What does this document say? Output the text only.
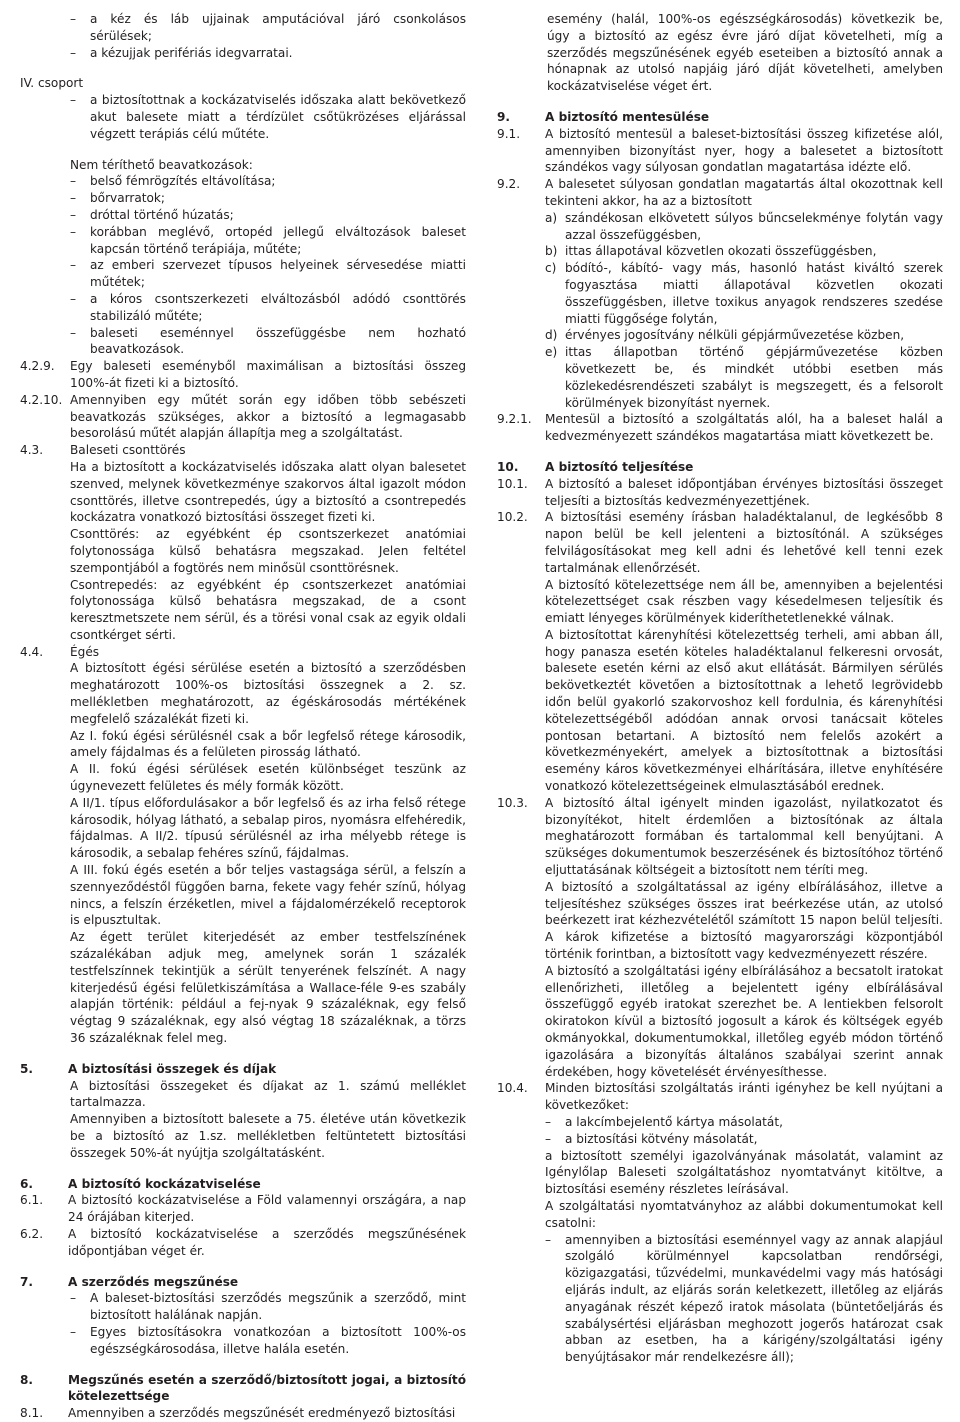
–	a kéz és láb ujjainak amputációval járó csonkolásos sérülések;
–	a kézujjak perifériás idegvarratai.

IV. csoport

–	a biztosítottnak a kockázatviselés időszaka alatt bekövetkező akut balesete miatt a térdízület csőtükrözéses eljárással végzett terápiás célú műtéte.

Nem téríthető beavatkozások:

–	belső fémrögzítés eltávolítása;
–	bőrvarratok;
–	dróttal történő húzatás;
–	korábban meglévő, ortopéd jellegű elváltozások baleset kapcsán történő terápiája, műtéte;
–	az emberi szervezet típusos helyeinek sérvesedése miatti műtétek;
–	a kóros csontszerkezeti elváltozásból adódó csonttörés stabilizáló műtéte;
–	baleseti eseménnyel összefüggésbe nem hozható beavatkozások.
4.2.9.	Egy baleseti eseményből maximálisan a biztosítási összeg 100%-át fizeti ki a biztosító.
4.2.10. Amennyiben egy műtét során egy időben több sebészeti beavatkozás szükséges, akkor a biztosító a legmagasabb besorolású műtét alapján állapítja meg a szolgáltatást.
4.3.	Baleseti csonttörés

Ha a biztosított a kockázatviselés időszaka alatt olyan balesetet szenved, melynek következménye szakorvos által igazolt módon csonttörés, illetve csontrepedés, úgy a biztosító a csontrepedés kockázatra vonatkozó biztosítási összeget fizeti ki.

Csonttörés: az egyébként ép csontszerkezet anatómiai folytonossága külső behatásra megszakad. Jelen feltétel szempontjából a fogtörés nem minősül csonttörésnek.

Csontrepedés: az egyébként ép csontszerkezet anatómiai folytonossága külső behatásra megszakad, de a csont keresztmetszete nem sérül, és a törési vonal csak az egyik oldali csontkérget sérti.

4.4.	Égés

A biztosított égési sérülése esetén a biztosító a szerződésben meghatározott 100%-os biztosítási összegnek a 2. sz. mellékletben meghatározott, az égéskárosodás mértékének megfelelő százalékát fizeti ki.

Az I. fokú égési sérülésnél csak a bőr legfelső rétege károsodik, amely fájdalmas és a felületen pirosság látható.

A II. fokú égési sérülések esetén különbséget teszünk az úgynevezett felületes és mély formák között.

A II/1. típus előfordulásakor a bőr legfelső és az irha felső rétege károsodik, hólyag látható, a sebalap piros, nyomásra elfehéredik, fájdalmas. A II/2. típusú sérülésnél az irha mélyebb rétege is károsodik, a sebalap fehéres színű, fájdalmas.

A III. fokú égés esetén a bőr teljes vastagsága sérül, a felszín a szennyeződéstől függően barna, fekete vagy fehér színű, hólyag nincs, a felszín érzéketlen, mivel a fájdalomérzékelő receptorok is elpusztultak.

Az égett terület kiterjedését az ember testfelszínének százalékában adjuk meg, amelynek során 1 százalék testfelszínnek tekintjük a sérült tenyerének felszínét. A nagy kiterjedésű égési felületkiszámítása a Wallace-féle 9-es szabály alapján történik: például a fej-nyak 9 százaléknak, egy felső végtag 9 százaléknak, egy alsó végtag 18 százaléknak, a törzs 36 százaléknak felel meg.

5.	A biztosítási összegek és díjak

A biztosítási összegeket és díjakat az 1. számú melléklet tartalmazza.

Amennyiben a biztosított balesete a 75. életéve után következik be a biztosító az 1.sz. mellékletben feltüntetett biztosítási összegek 50%-át nyújtja szolgáltatásként.

6.	A biztosító kockázatviselése
6.1.	A biztosító kockázatviselése a Föld valamennyi országára, a nap 24 órájában kiterjed.
6.2.	A biztosító kockázatviselése a szerződés megszűnésének időpontjában véget ér.
7.	A szerződés megszűnése
–	A baleset-biztosítási szerződés megszűnik a szerződő, mint biztosított halálának napján.
–	Egyes biztosításokra vonatkozóan a biztosított 100%-os egészségkárosodása, illetve halála esetén.
8.	Megszűnés esetén a szerződő/biztosított jogai, a biztosító kötelezettsége
8.1.	Amennyiben a szerződés megszűnését eredményező biztosítási

esemény (halál, 100%-os egészségkárosodás) következik be, úgy a biztosító az egész évre járó díjat követelheti, míg a szerződés megszűnésének egyéb eseteiben a biztosító annak a hónapnak az utolsó napjáig járó díját követelheti, amelyben kockázatviselése véget ért.

9.	A biztosító mentesülése
9.1.	A biztosító mentesül a baleset-biztosítási összeg kifizetése alól, amennyiben bizonyítást nyer, hogy a balesetet a biztosított szándékos vagy súlyosan gondatlan magatartása idézte elő.
9.2.	A balesetet súlyosan gondatlan magatartás által okozottnak kell tekinteni akkor, ha az a biztosított

a) szándékosan elkövetett súlyos bűncselekménye folytán vagy azzal összefüggésben,
b) ittas állapotával közvetlen okozati összefüggésben,
c) bódító-, kábító- vagy más, hasonló hatást kiváltó szerek fogyasztása miatti állapotával közvetlen okozati összefüggésben, illetve toxikus anyagok rendszeres szedése miatti függősége folytán,
d) érvényes jogosítvány nélküli gépjárművezetése közben,
e) ittas állapotban történő gépjárművezetése közben következett be, és mindkét utóbbi esetben más közlekedésrendészeti szabályt is megszegett, és a felsorolt körülmények bizonyítást nyernek.
9.2.1.	Mentesül a biztosító a szolgáltatás alól, ha a baleset halál a kedvezményezett szándékos magatartása miatt következett be.
10.	A biztosító teljesítése
10.1.	A biztosító a baleset időpontjában érvényes biztosítási összeget teljesíti a biztosítás kedvezményezettjének.
10.2.	A biztosítási esemény írásban haladéktalanul, de legkésőbb 8 napon belül be kell jelenteni a biztosítónál. A szükséges felvilágosításokat meg kell adni és lehetővé kell tenni ezek tartalmának ellenőrzését.

A biztosító kötelezettsége nem áll be, amennyiben a bejelentési kötelezettséget csak részben vagy késedelmesen teljesítik és emiatt lényeges körülmények kideríthetetlenekké válnak.

A biztosítottat kárenyhítési kötelezettség terheli, ami abban áll, hogy panasza esetén köteles haladéktalanul felkeresni orvosát, balesete esetén kérni az első akut ellátását. Bármilyen sérülés bekövetkeztét követően a biztosítottnak a lehető legrövidebb időn belül gyakorló szakorvoshoz kell fordulnia, és kárenyhítési kötelezettségéből adódóan annak orvosi tanácsait köteles pontosan betartani. A biztosító nem felelős azokért a következményekért, amelyek a biztosítottnak a biztosítási esemény káros következményei elhárítására, illetve enyhítésére vonatkozó kötelezettségeinek elmulasztásából erednek.

10.3.	A biztosító által igényelt minden igazolást, nyilatkozatot és bizonyítékot, hitelt érdemlően a biztosítónak az általa meghatározott formában és tartalommal kell benyújtani. A szükséges dokumentumok beszerzésének és biztosítóhoz történő eljuttatásának költségeit a biztosított nem téríti meg.

A biztosító a szolgáltatással az igény elbírálásához, illetve a teljesítéshez szükséges összes irat beérkezése után, az utolsó beérkezett irat kézhezvételétől számított 15 napon belül teljesíti. A károk kifizetése a biztosító magyarországi központjából történik forintban, a biztosított vagy kedvezményezett részére.

A biztosító a szolgáltatási igény elbírálásához a becsatolt iratokat ellenőrizheti, illetőleg a bejelentett igény elbírálásával összefüggő egyéb iratokat szerezhet be. A lentiekben felsorolt okiratokon kívül a biztosító jogosult a károk és költségek egyéb okmányokkal, dokumentumokkal, illetőleg egyéb módon történő igazolására a bizonyítás általános szabályai szerint annak érdekében, hogy követelését érvényesíthesse.

10.4.	Minden biztosítási szolgáltatás iránti igényhez be kell nyújtani a következőket:

–	a lakcímbejelentő kártya másolatát,
–	a biztosítási kötvény másolatát,

a biztosított személyi igazolványának másolatát, valamint az Igénylőlap Baleseti szolgáltatáshoz nyomtatványt kitöltve, a biztosítási esemény részletes leírásával.

A szolgáltatási nyomtatványhoz az alábbi dokumentumokat kell csatolni:

–	amennyiben a biztosítási eseménnyel vagy az annak alapjául szolgáló körülménnyel kapcsolatban rendőrségi, közigazgatási, tűzvédelmi, munkavédelmi vagy más hatósági eljárás indult, az eljárás során keletkezett, illetőleg az eljárás anyagának részét képező iratok másolata (büntetőeljárás és szabálysértési eljárásban meghozott jogerős határozat csak abban az esetben, ha a kárigény/szolgáltatási igény benyújtásakor már rendelkezésre áll);
